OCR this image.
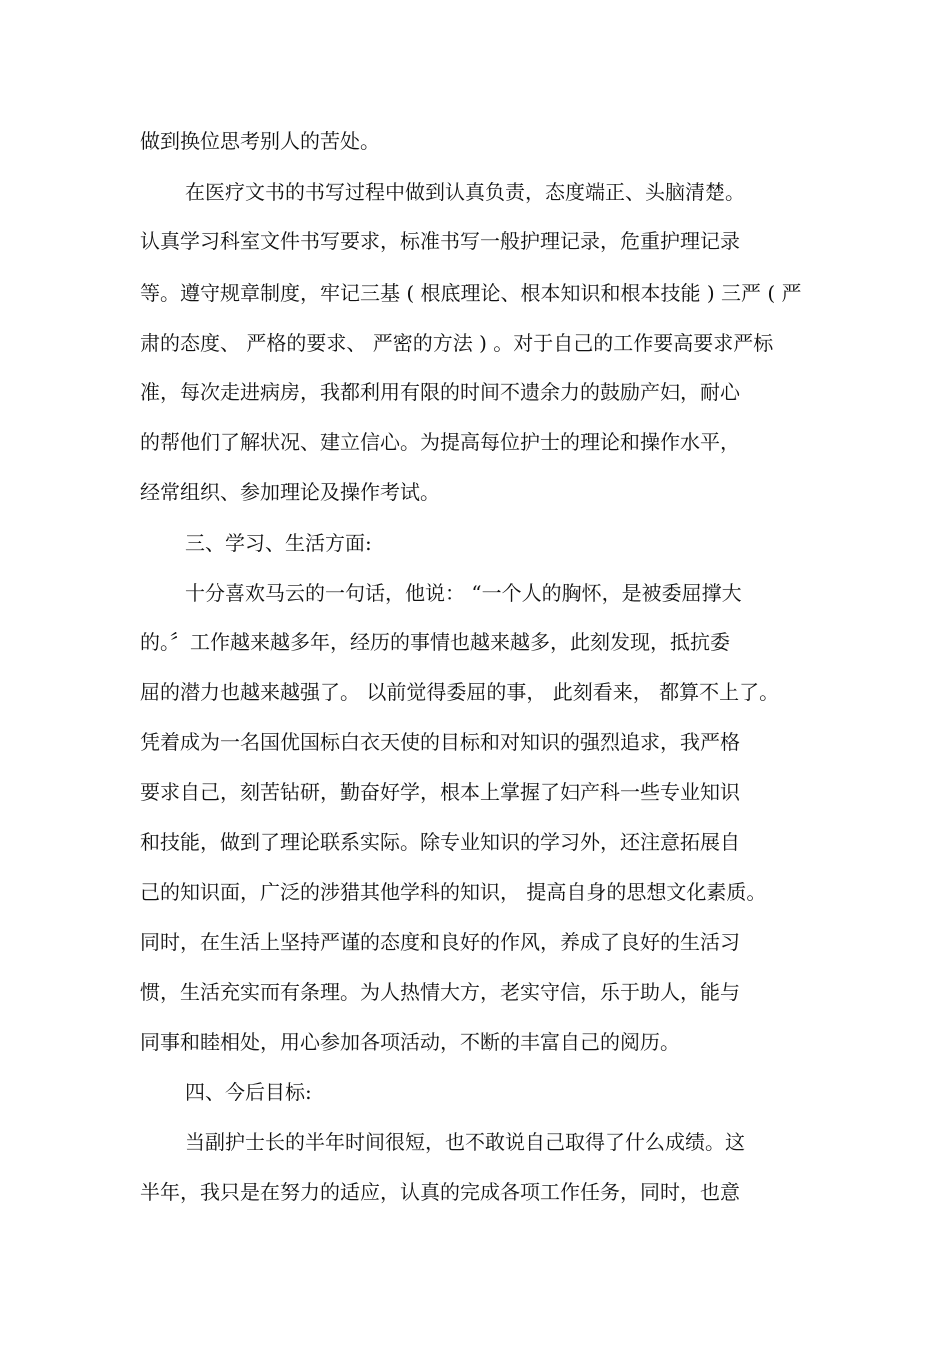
做到换位思考别人的苦处。
在医疗文书的书写过程中做到认真负责，态度端正、头脑清楚。
认真学习科室文件书写要求，标准书写一般护理记录，危重护理记录
等。遵守规章制度，牢记三基 ( 根底理论、根本知识和根本技能 ) 三严 ( 严
肃的态度、 严格的要求、 严密的方法 ) 。对于自己的工作要高要求严标
准，每次走进病房，我都利用有限的时间不遗余力的鼓励产妇，耐心
的帮他们了解状况、建立信心。为提高每位护士的理论和操作水平，
经常组织、参加理论及操作考试。
三、学习、生活方面:
十分喜欢马云的一句话，他说： “一个人的胸怀，是被委屈撑大
的。〞工作越来越多年，经历的事情也越来越多，此刻发现，抵抗委
屈的潜力也越来越强了。 以前觉得委屈的事， 此刻看来， 都算不上了。
凭着成为一名国优国标白衣天使的目标和对知识的强烈追求，我严格
要求自己，刻苦钻研，勤奋好学，根本上掌握了妇产科一些专业知识
和技能，做到了理论联系实际。除专业知识的学习外，还注意拓展自
己的知识面，广泛的涉猎其他学科的知识， 提高自身的思想文化素质。
同时，在生活上坚持严谨的态度和良好的作风，养成了良好的生活习
惯，生活充实而有条理。为人热情大方，老实守信，乐于助人，能与
同事和睦相处，用心参加各项活动，不断的丰富自己的阅历。
四、今后目标:
当副护士长的半年时间很短，也不敢说自己取得了什么成绩。这
半年，我只是在努力的适应，认真的完成各项工作任务，同时，也意
